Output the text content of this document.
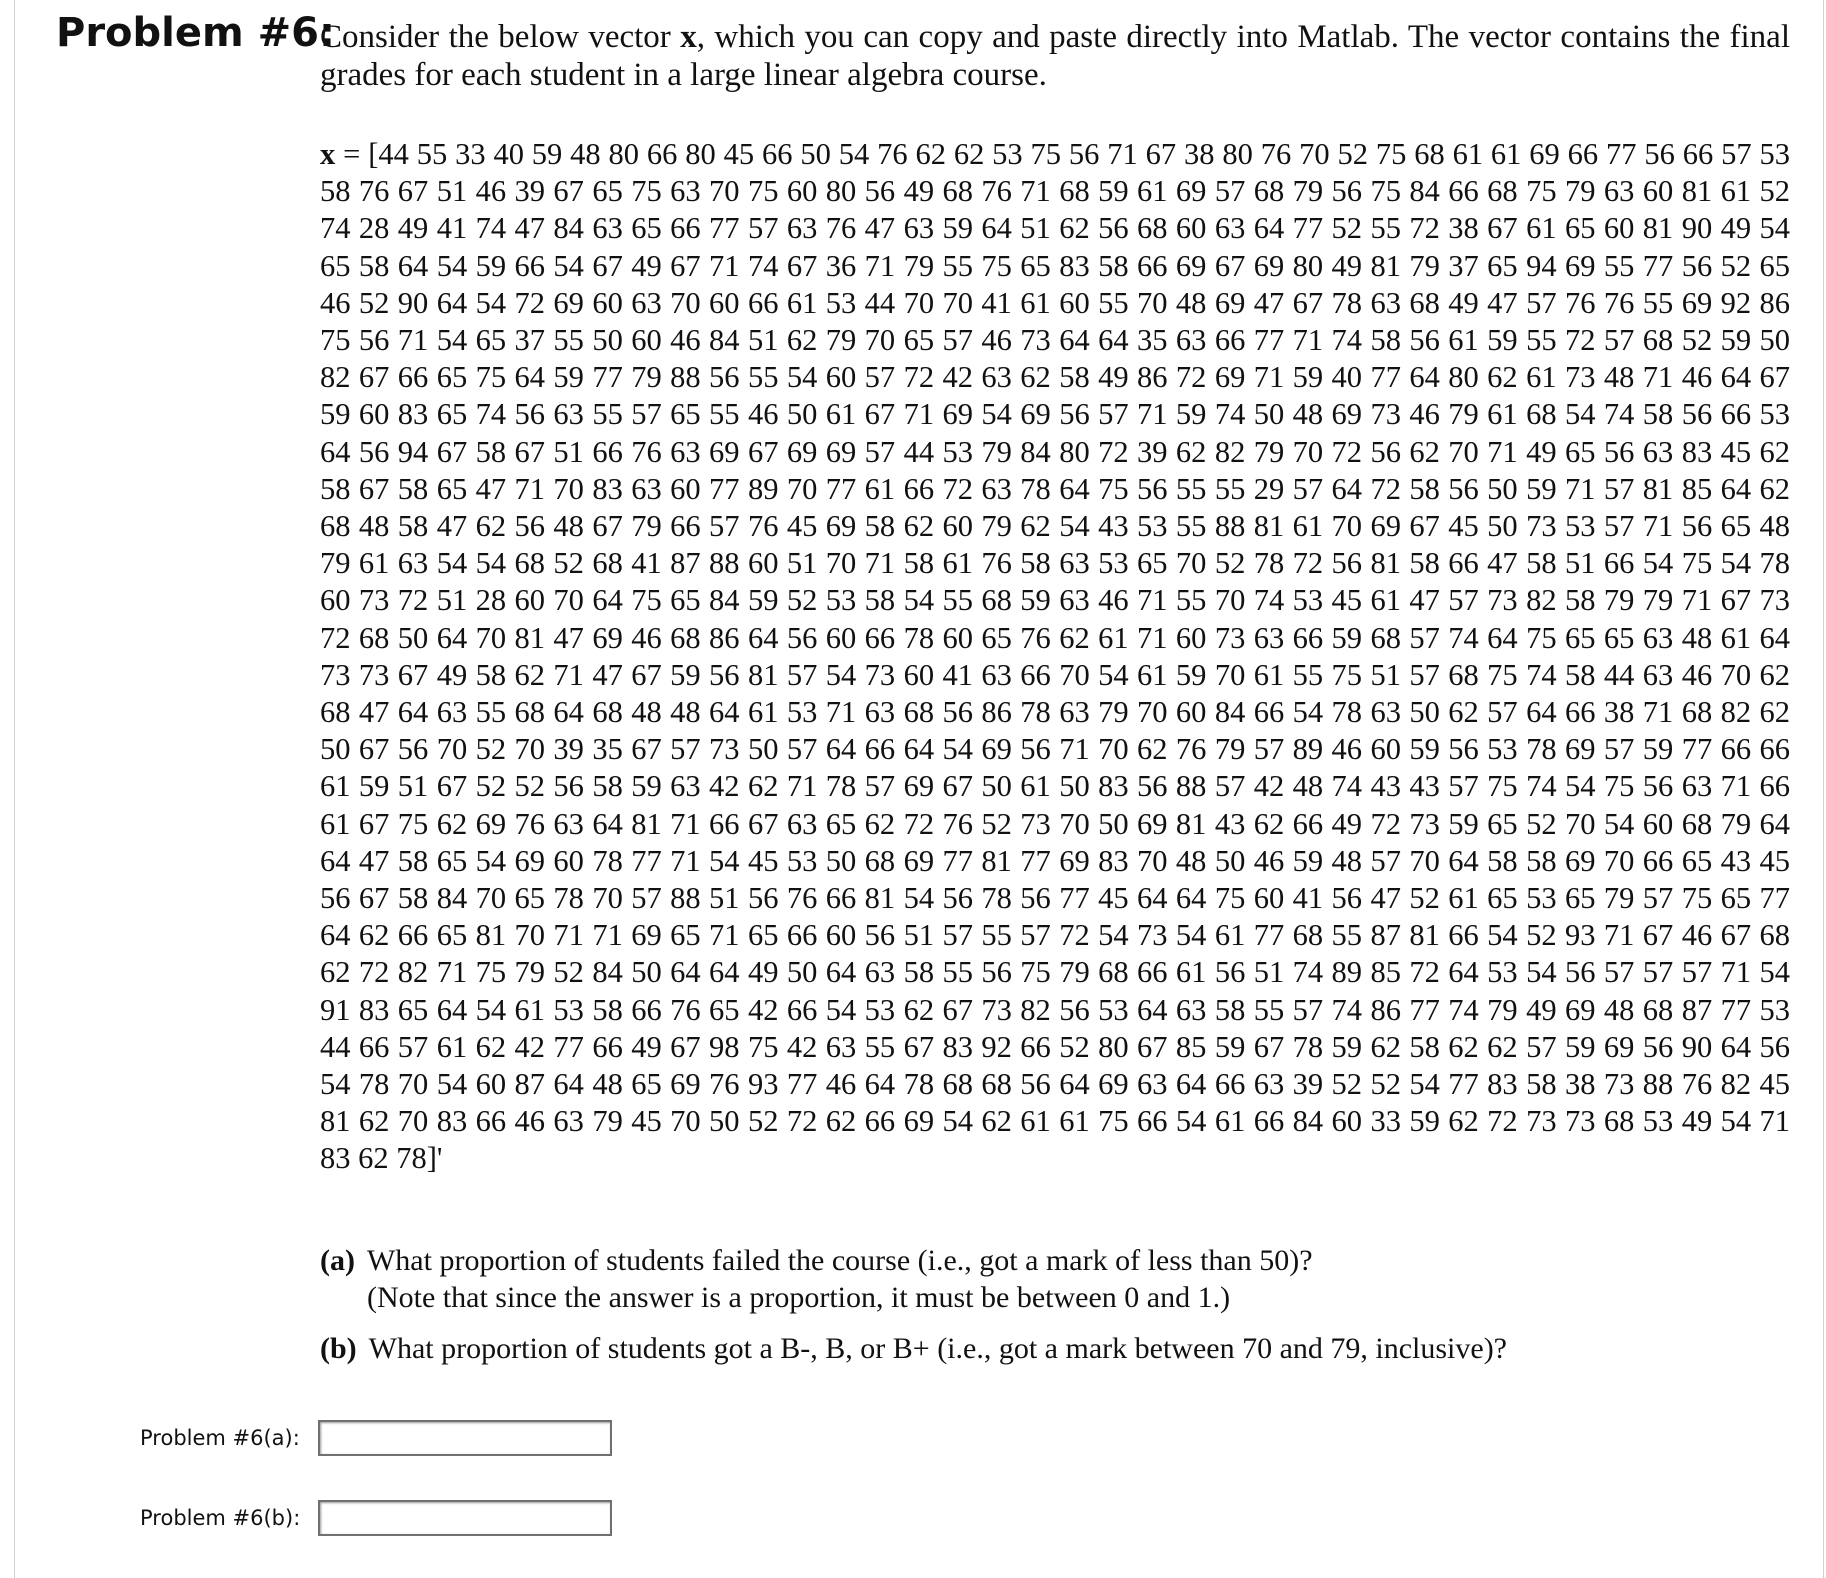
Problem #6:

Consider the below vector x, which you can copy and paste directly into Matlab. The vector contains the final grades for each student in a large linear algebra course.

x = [44 55 33 40 59 48 80 66 80 45 66 50 54 76 62 62 53 75 56 71 67 38 80 76 70 52 75 68 61 61 69 66 77 56 66 57 53 58 76 67 51 46 39 67 65 75 63 70 75 60 80 56 49 68 76 71 68 59 61 69 57 68 79 56 75 84 66 68 75 79 63 60 81 61 52 74 28 49 41 74 47 84 63 65 66 77 57 63 76 47 63 59 64 51 62 56 68 60 63 64 77 52 55 72 38 67 61 65 60 81 90 49 54 65 58 64 54 59 66 54 67 49 67 71 74 67 36 71 79 55 75 65 83 58 66 69 67 69 80 49 81 79 37 65 94 69 55 77 56 52 65 46 52 90 64 54 72 69 60 63 70 60 66 61 53 44 70 70 41 61 60 55 70 48 69 47 67 78 63 68 49 47 57 76 76 55 69 92 86 75 56 71 54 65 37 55 50 60 46 84 51 62 79 70 65 57 46 73 64 64 35 63 66 77 71 74 58 56 61 59 55 72 57 68 52 59 50 82 67 66 65 75 64 59 77 79 88 56 55 54 60 57 72 42 63 62 58 49 86 72 69 71 59 40 77 64 80 62 61 73 48 71 46 64 67 59 60 83 65 74 56 63 55 57 65 55 46 50 61 67 71 69 54 69 56 57 71 59 74 50 48 69 73 46 79 61 68 54 74 58 56 66 53 64 56 94 67 58 67 51 66 76 63 69 67 69 69 57 44 53 79 84 80 72 39 62 82 79 70 72 56 62 70 71 49 65 56 63 83 45 62 58 67 58 65 47 71 70 83 63 60 77 89 70 77 61 66 72 63 78 64 75 56 55 55 29 57 64 72 58 56 50 59 71 57 81 85 64 62 68 48 58 47 62 56 48 67 79 66 57 76 45 69 58 62 60 79 62 54 43 53 55 88 81 61 70 69 67 45 50 73 53 57 71 56 65 48 79 61 63 54 54 68 52 68 41 87 88 60 51 70 71 58 61 76 58 63 53 65 70 52 78 72 56 81 58 66 47 58 51 66 54 75 54 78 60 73 72 51 28 60 70 64 75 65 84 59 52 53 58 54 55 68 59 63 46 71 55 70 74 53 45 61 47 57 73 82 58 79 79 71 67 73 72 68 50 64 70 81 47 69 46 68 86 64 56 60 66 78 60 65 76 62 61 71 60 73 63 66 59 68 57 74 64 75 65 65 63 48 61 64 73 73 67 49 58 62 71 47 67 59 56 81 57 54 73 60 41 63 66 70 54 61 59 70 61 55 75 51 57 68 75 74 58 44 63 46 70 62 68 47 64 63 55 68 64 68 48 48 64 61 53 71 63 68 56 86 78 63 79 70 60 84 66 54 78 63 50 62 57 64 66 38 71 68 82 62 50 67 56 70 52 70 39 35 67 57 73 50 57 64 66 64 54 69 56 71 70 62 76 79 57 89 46 60 59 56 53 78 69 57 59 77 66 66 61 59 51 67 52 52 56 58 59 63 42 62 71 78 57 69 67 50 61 50 83 56 88 57 42 48 74 43 43 57 75 74 54 75 56 63 71 66 61 67 75 62 69 76 63 64 81 71 66 67 63 65 62 72 76 52 73 70 50 69 81 43 62 66 49 72 73 59 65 52 70 54 60 68 79 64 64 47 58 65 54 69 60 78 77 71 54 45 53 50 68 69 77 81 77 69 83 70 48 50 46 59 48 57 70 64 58 58 69 70 66 65 43 45 56 67 58 84 70 65 78 70 57 88 51 56 76 66 81 54 56 78 56 77 45 64 64 75 60 41 56 47 52 61 65 53 65 79 57 75 65 77 64 62 66 65 81 70 71 71 69 65 71 65 66 60 56 51 57 55 57 72 54 73 54 61 77 68 55 87 81 66 54 52 93 71 67 46 67 68 62 72 82 71 75 79 52 84 50 64 64 49 50 64 63 58 55 56 75 79 68 66 61 56 51 74 89 85 72 64 53 54 56 57 57 57 71 54 91 83 65 64 54 61 53 58 66 76 65 42 66 54 53 62 67 73 82 56 53 64 63 58 55 57 74 86 77 74 79 49 69 48 68 87 77 53 44 66 57 61 62 42 77 66 49 67 98 75 42 63 55 67 83 92 66 52 80 67 85 59 67 78 59 62 58 62 62 57 59 69 56 90 64 56 54 78 70 54 60 87 64 48 65 69 76 93 77 46 64 78 68 68 56 64 69 63 64 66 63 39 52 52 54 77 83 58 38 73 88 76 82 45 81 62 70 83 66 46 63 79 45 70 50 52 72 62 66 69 54 62 61 61 75 66 54 61 66 84 60 33 59 62 72 73 73 68 53 49 54 71 83 62 78]'
(a) What proportion of students failed the course (i.e., got a mark of less than 50)?
(Note that since the answer is a proportion, it must be between 0 and 1.)
(b) What proportion of students got a B-, B, or B+ (i.e., got a mark between 70 and 79, inclusive)?
Problem #6(a):
Problem #6(b):
